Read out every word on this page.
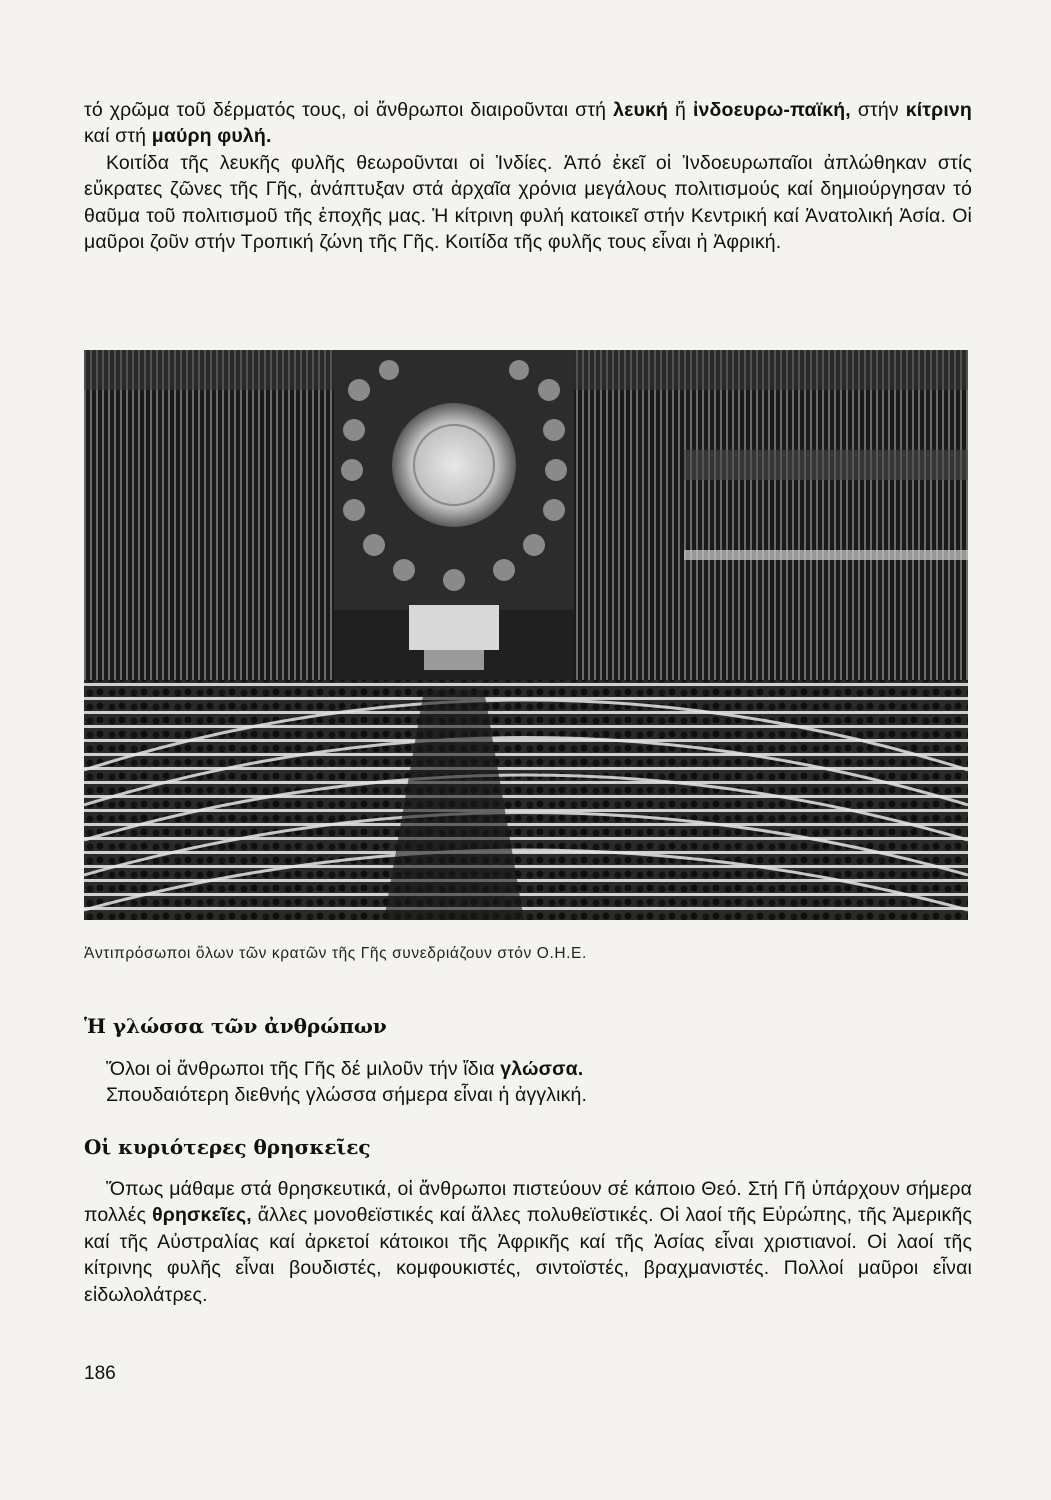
τό χρῶμα τοῦ δέρματός τους, οἱ ἄνθρωποι διαιροῦνται στή λευκή ἤ ἰνδοευρω-παϊκή, στήν κίτρινη καί στή μαύρη φυλή.
Κοιτίδα τῆς λευκῆς φυλῆς θεωροῦνται οἱ Ἰνδίες. Ἀπό ἐκεῖ οἱ Ἰνδοευρωπαῖοι ἀπλώθηκαν στίς εὔκρατες ζῶνες τῆς Γῆς, ἀνάπτυξαν στά ἀρχαῖα χρόνια μεγάλους πολιτισμούς καί δημιούργησαν τό θαῦμα τοῦ πολιτισμοῦ τῆς ἐποχῆς μας. Ἡ κίτρινη φυλή κατοικεῖ στήν Κεντρική καί Ἀνατολική Ἀσία. Οἱ μαῦροι ζοῦν στήν Τροπική ζώνη τῆς Γῆς. Κοιτίδα τῆς φυλῆς τους εἶναι ἡ Ἀφρική.

Ἀντιπρόσωποι ὅλων τῶν κρατῶν τῆς Γῆς συνεδριάζουν στόν Ο.Η.Ε.
Ἡ γλώσσα τῶν ἀνθρώπων

Ὅλοι οἱ ἄνθρωποι τῆς Γῆς δέ μιλοῦν τήν ἴδια γλώσσα.
Σπουδαιότερη διεθνής γλώσσα σήμερα εἶναι ἡ ἀγγλική.

Οἱ κυριότερες θρησκεῖες

Ὅπως μάθαμε στά θρησκευτικά, οἱ ἄνθρωποι πιστεύουν σέ κάποιο Θεό. Στή Γῆ ὑπάρχουν σήμερα πολλές θρησκεῖες, ἄλλες μονοθεϊστικές καί ἄλλες πολυθεϊστικές. Οἱ λαοί τῆς Εὐρώπης, τῆς Ἀμερικῆς καί τῆς Αὐστραλίας καί ἀρκετοί κάτοικοι τῆς Ἀφρικῆς καί τῆς Ἀσίας εἶναι χριστιανοί. Οἱ λαοί τῆς κίτρινης φυλῆς εἶναι βουδιστές, κομφουκιστές, σιντοϊστές, βραχμανιστές. Πολλοί μαῦροι εἶναι εἰδωλολάτρες.

186
